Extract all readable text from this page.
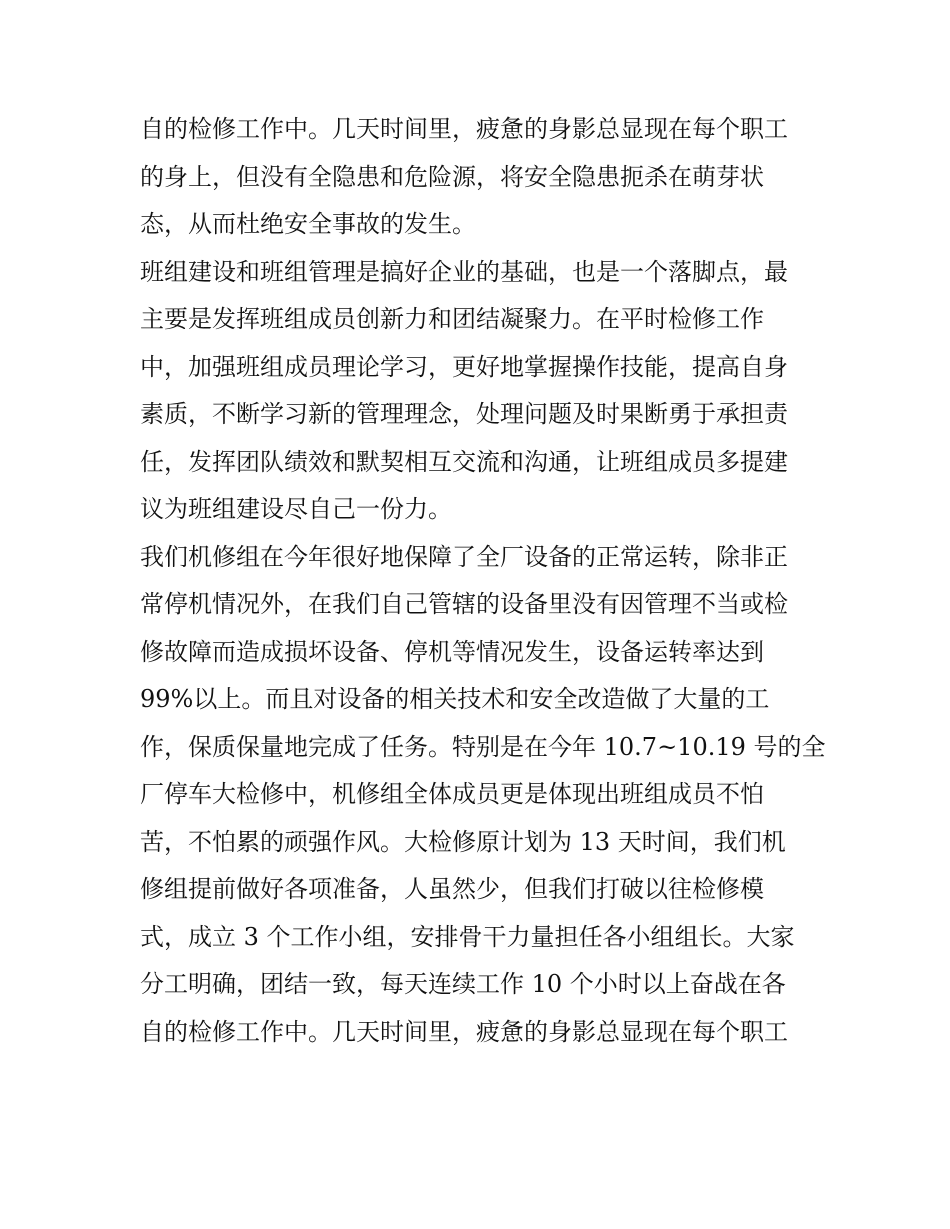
自的检修工作中。几天时间里，疲惫的身影总显现在每个职工
的身上，但没有全隐患和危险源，将安全隐患扼杀在萌芽状
态，从而杜绝安全事故的发生。
班组建设和班组管理是搞好企业的基础，也是一个落脚点，最
主要是发挥班组成员创新力和团结凝聚力。在平时检修工作
中，加强班组成员理论学习，更好地掌握操作技能，提高自身
素质，不断学习新的管理理念，处理问题及时果断勇于承担责
任，发挥团队绩效和默契相互交流和沟通，让班组成员多提建
议为班组建设尽自己一份力。
我们机修组在今年很好地保障了全厂设备的正常运转，除非正
常停机情况外，在我们自己管辖的设备里没有因管理不当或检
修故障而造成损坏设备、停机等情况发生，设备运转率达到
99%以上。而且对设备的相关技术和安全改造做了大量的工
作，保质保量地完成了任务。特别是在今年 10.7~10.19 号的全
厂停车大检修中，机修组全体成员更是体现出班组成员不怕
苦，不怕累的顽强作风。大检修原计划为 13 天时间，我们机
修组提前做好各项准备，人虽然少，但我们打破以往检修模
式，成立 3 个工作小组，安排骨干力量担任各小组组长。大家
分工明确，团结一致，每天连续工作 10 个小时以上奋战在各
自的检修工作中。几天时间里，疲惫的身影总显现在每个职工
